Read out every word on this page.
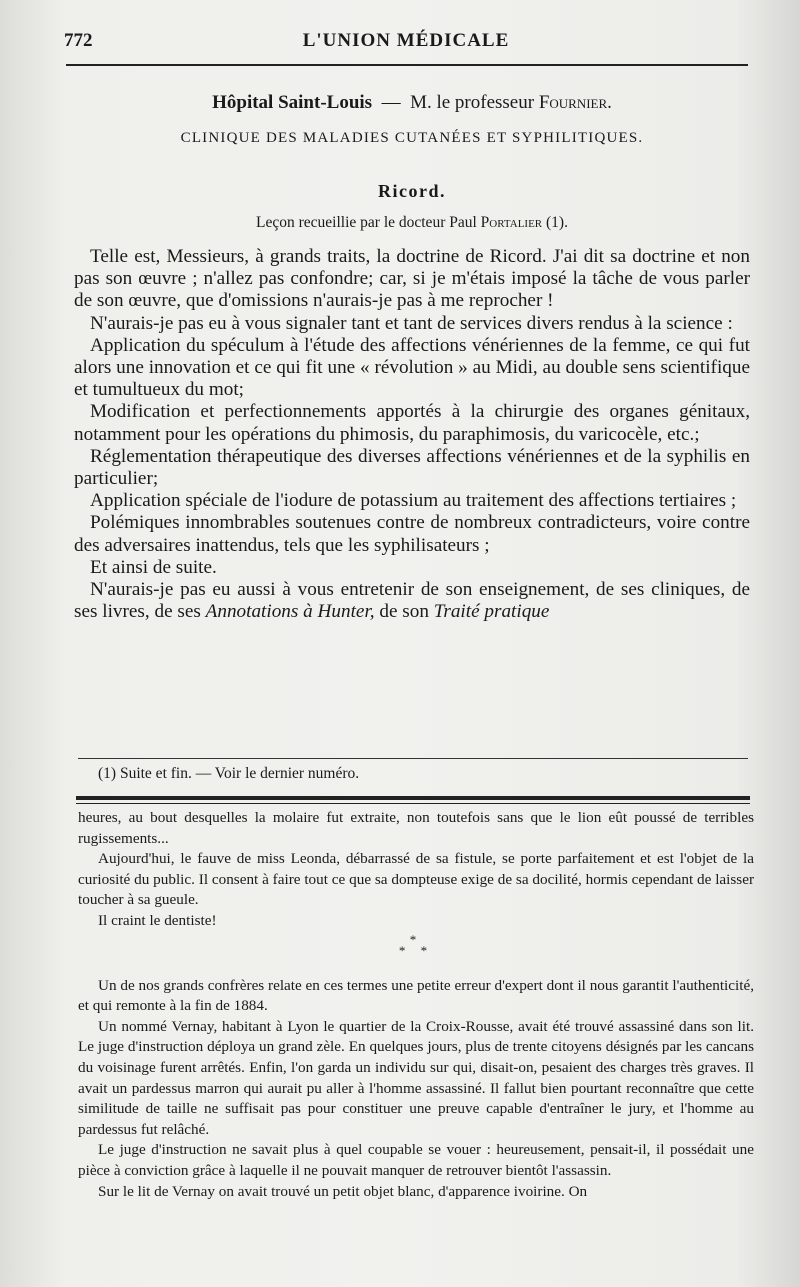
772	L'UNION MÉDICALE
Hôpital Saint-Louis — M. le professeur Fournier.
CLINIQUE DES MALADIES CUTANÉES ET SYPHILITIQUES.
Ricord.
Leçon recueillie par le docteur Paul Portalier (1).

Telle est, Messieurs, à grands traits, la doctrine de Ricord. J'ai dit sa doctrine et non pas son œuvre ; n'allez pas confondre; car, si je m'étais imposé la tâche de vous parler de son œuvre, que d'omissions n'aurais-je pas à me reprocher !

N'aurais-je pas eu à vous signaler tant et tant de services divers rendus à la science :

Application du spéculum à l'étude des affections vénériennes de la femme, ce qui fut alors une innovation et ce qui fit une « révolution » au Midi, au double sens scientifique et tumultueux du mot;

Modification et perfectionnements apportés à la chirurgie des organes génitaux, notamment pour les opérations du phimosis, du paraphimosis, du varicocèle, etc.;

Réglementation thérapeutique des diverses affections vénériennes et de la syphilis en particulier;

Application spéciale de l'iodure de potassium au traitement des affections tertiaires ;

Polémiques innombrables soutenues contre de nombreux contradicteurs, voire contre des adversaires inattendus, tels que les syphilisateurs ;

Et ainsi de suite.

N'aurais-je pas eu aussi à vous entretenir de son enseignement, de ses cliniques, de ses livres, de ses Annotations à Hunter, de son Traité pratique

(1) Suite et fin. — Voir le dernier numéro.

heures, au bout desquelles la molaire fut extraite, non toutefois sans que le lion eût poussé de terribles rugissements...

Aujourd'hui, le fauve de miss Leonda, débarrassé de sa fistule, se porte parfaitement et est l'objet de la curiosité du public. Il consent à faire tout ce que sa dompteuse exige de sa docilité, hormis cependant de laisser toucher à sa gueule.

Il craint le dentiste!

*
* *

Un de nos grands confrères relate en ces termes une petite erreur d'expert dont il nous garantit l'authenticité, et qui remonte à la fin de 1884.

Un nommé Vernay, habitant à Lyon le quartier de la Croix-Rousse, avait été trouvé assassiné dans son lit. Le juge d'instruction déploya un grand zèle. En quelques jours, plus de trente citoyens désignés par les cancans du voisinage furent arrêtés. Enfin, l'on garda un individu sur qui, disait-on, pesaient des charges très graves. Il avait un pardessus marron qui aurait pu aller à l'homme assassiné. Il fallut bien pourtant reconnaître que cette similitude de taille ne suffisait pas pour constituer une preuve capable d'entraîner le jury, et l'homme au pardessus fut relâché.

Le juge d'instruction ne savait plus à quel coupable se vouer : heureusement, pensait-il, il possédait une pièce à conviction grâce à laquelle il ne pouvait manquer de retrouver bientôt l'assassin.

Sur le lit de Vernay on avait trouvé un petit objet blanc, d'apparence ivoirine. On
